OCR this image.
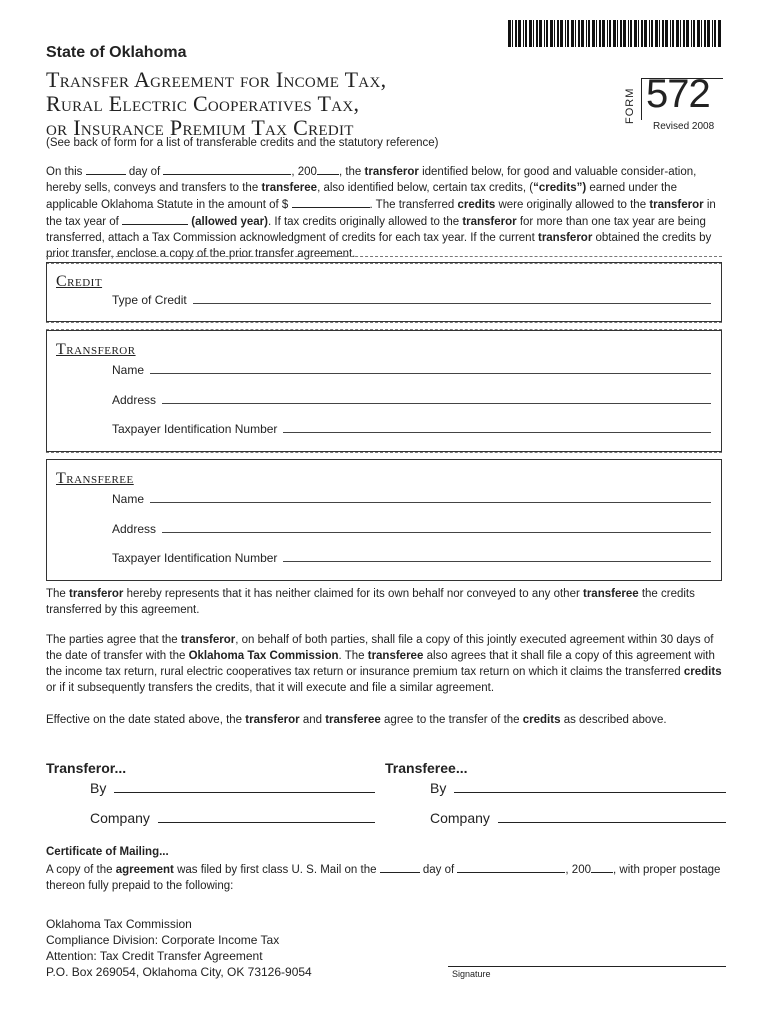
State of Oklahoma
Transfer Agreement for Income Tax,
Rural Electric Cooperatives Tax,
or Insurance Premium Tax Credit
FORM 572
Revised 2008
(See back of form for a list of transferable credits and the statutory reference)
On this	day of	, 200 , the transferor identified below, for good and valuable consider-ation, hereby sells, conveys and transfers to the transferee, also identified below, certain tax credits, (“credits”) earned under the applicable Oklahoma Statute in the amount of $	. The transferred credits were originally allowed to the transferor in the tax year of	(allowed year). If tax credits originally allowed to the transferor for more than one tax year are being transferred, attach a Tax Commission acknowledgment of credits for each tax year. If the current transferor obtained the credits by prior transfer, enclose a copy of the prior transfer agreement.
Credit
Type of Credit
Transferor
Name
Address
Taxpayer Identification Number
Transferee
Name
Address
Taxpayer Identification Number
The transferor hereby represents that it has neither claimed for its own behalf nor conveyed to any other transferee the credits transferred by this agreement.
The parties agree that the transferor, on behalf of both parties, shall file a copy of this jointly executed agreement within 30 days of the date of transfer with the Oklahoma Tax Commission. The transferee also agrees that it shall file a copy of this agreement with the income tax return, rural electric cooperatives tax return or insurance premium tax return on which it claims the transferred credits or if it subsequently transfers the credits, that it will execute and file a similar agreement.
Effective on the date stated above, the transferor and transferee agree to the transfer of the credits as described above.
Transferor...	Transferee...
By	By
Company	Company
Certificate of Mailing...
A copy of the agreement was filed by first class U. S. Mail on the	day of	, 200 , with proper postage thereon fully prepaid to the following:
Oklahoma Tax Commission
Compliance Division: Corporate Income Tax
Attention: Tax Credit Transfer Agreement
P.O. Box 269054, Oklahoma City, OK 73126-9054	Signature
